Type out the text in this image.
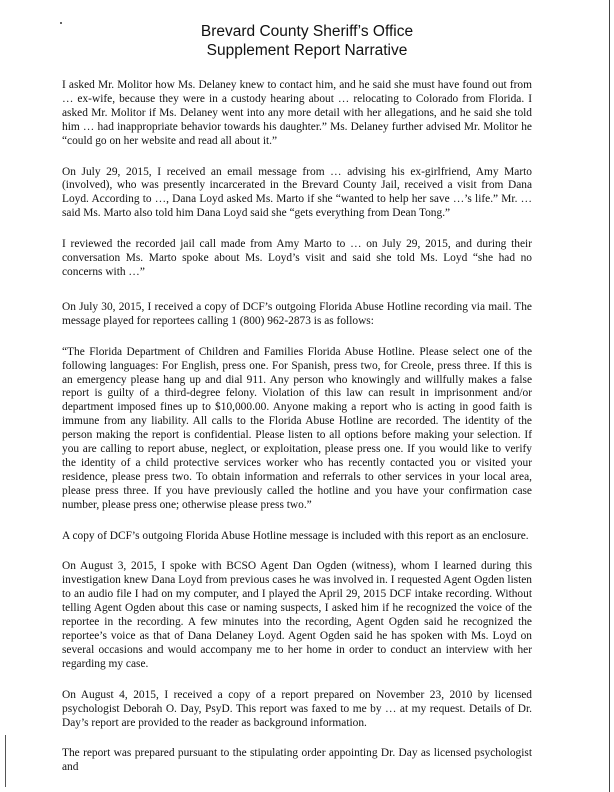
Brevard County Sheriff’s Office
Supplement Report Narrative

I asked Mr. Molitor how Ms. Delaney knew to contact him, and he said she must have found out from … ex-wife, because they were in a custody hearing about … relocating to Colorado from Florida. I asked Mr. Molitor if Ms. Delaney went into any more detail with her allegations, and he said she told him … had inappropriate behavior towards his daughter.” Ms. Delaney further advised Mr. Molitor he “could go on her website and read all about it.”

On July 29, 2015, I received an email message from … advising his ex-girlfriend, Amy Marto (involved), who was presently incarcerated in the Brevard County Jail, received a visit from Dana Loyd. According to …, Dana Loyd asked Ms. Marto if she “wanted to help her save …’s life.” Mr. … said Ms. Marto also told him Dana Loyd said she “gets everything from Dean Tong.”

I reviewed the recorded jail call made from Amy Marto to … on July 29, 2015, and during their conversation Ms. Marto spoke about Ms. Loyd’s visit and said she told Ms. Loyd “she had no concerns with …”

On July 30, 2015, I received a copy of DCF’s outgoing Florida Abuse Hotline recording via mail. The message played for reportees calling 1 (800) 962-2873 is as follows:

“The Florida Department of Children and Families Florida Abuse Hotline. Please select one of the following languages: For English, press one. For Spanish, press two, for Creole, press three. If this is an emergency please hang up and dial 911. Any person who knowingly and willfully makes a false report is guilty of a third-degree felony. Violation of this law can result in imprisonment and/or department imposed fines up to $10,000.00. Anyone making a report who is acting in good faith is immune from any liability. All calls to the Florida Abuse Hotline are recorded. The identity of the person making the report is confidential. Please listen to all options before making your selection. If you are calling to report abuse, neglect, or exploitation, please press one. If you would like to verify the identity of a child protective services worker who has recently contacted you or visited your residence, please press two. To obtain information and referrals to other services in your local area, please press three. If you have previously called the hotline and you have your confirmation case number, please press one; otherwise please press two.”

A copy of DCF’s outgoing Florida Abuse Hotline message is included with this report as an enclosure.

On August 3, 2015, I spoke with BCSO Agent Dan Ogden (witness), whom I learned during this investigation knew Dana Loyd from previous cases he was involved in. I requested Agent Ogden listen to an audio file I had on my computer, and I played the April 29, 2015 DCF intake recording. Without telling Agent Ogden about this case or naming suspects, I asked him if he recognized the voice of the reportee in the recording. A few minutes into the recording, Agent Ogden said he recognized the reportee’s voice as that of Dana Delaney Loyd. Agent Ogden said he has spoken with Ms. Loyd on several occasions and would accompany me to her home in order to conduct an interview with her regarding my case.

On August 4, 2015, I received a copy of a report prepared on November 23, 2010 by licensed psychologist Deborah O. Day, PsyD. This report was faxed to me by … at my request. Details of Dr. Day’s report are provided to the reader as background information.

The report was prepared pursuant to the stipulating order appointing Dr. Day as licensed psychologist and
